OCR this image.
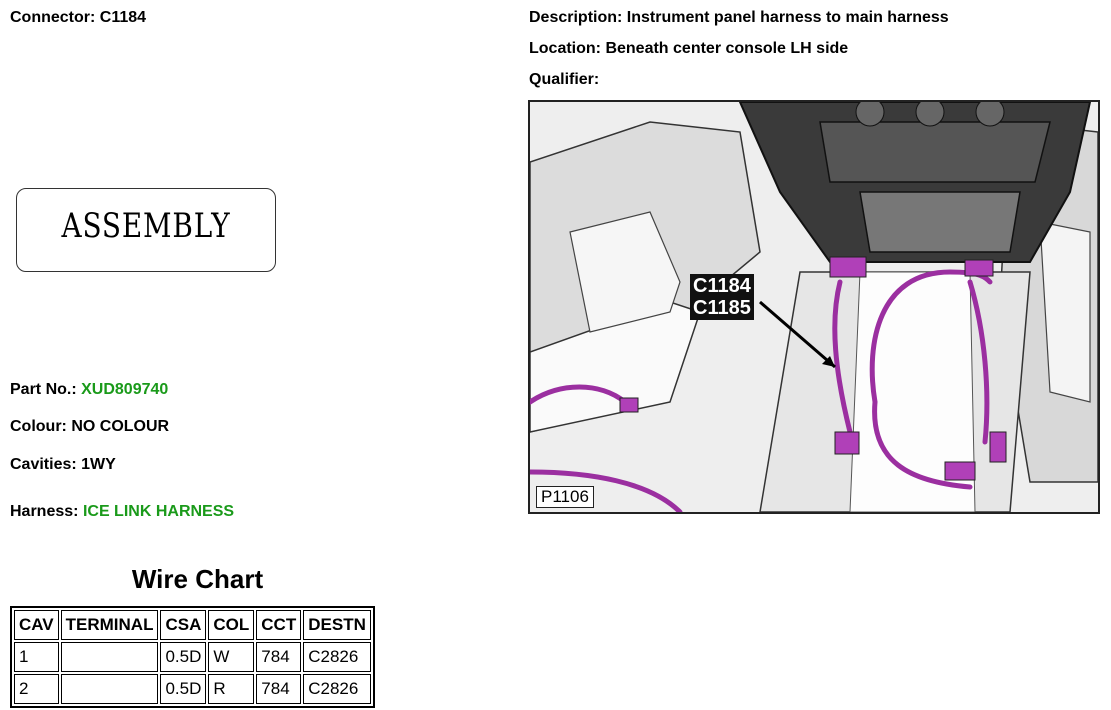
Connector: C1184	Description: Instrument panel harness to main harness
Location: Beneath center console LH side
Qualifier:
ASSEMBLY
Part No.: XUD809740
Colour: NO COLOUR
Cavities: 1WY
Harness: ICE LINK HARNESS
Wire Chart
CAV	TERMINAL	CSA	COL	CCT	DESTN
1		0.5D	W	784	C2826
2		0.5D	R	784	C2826
C1184
C1185
P1106
